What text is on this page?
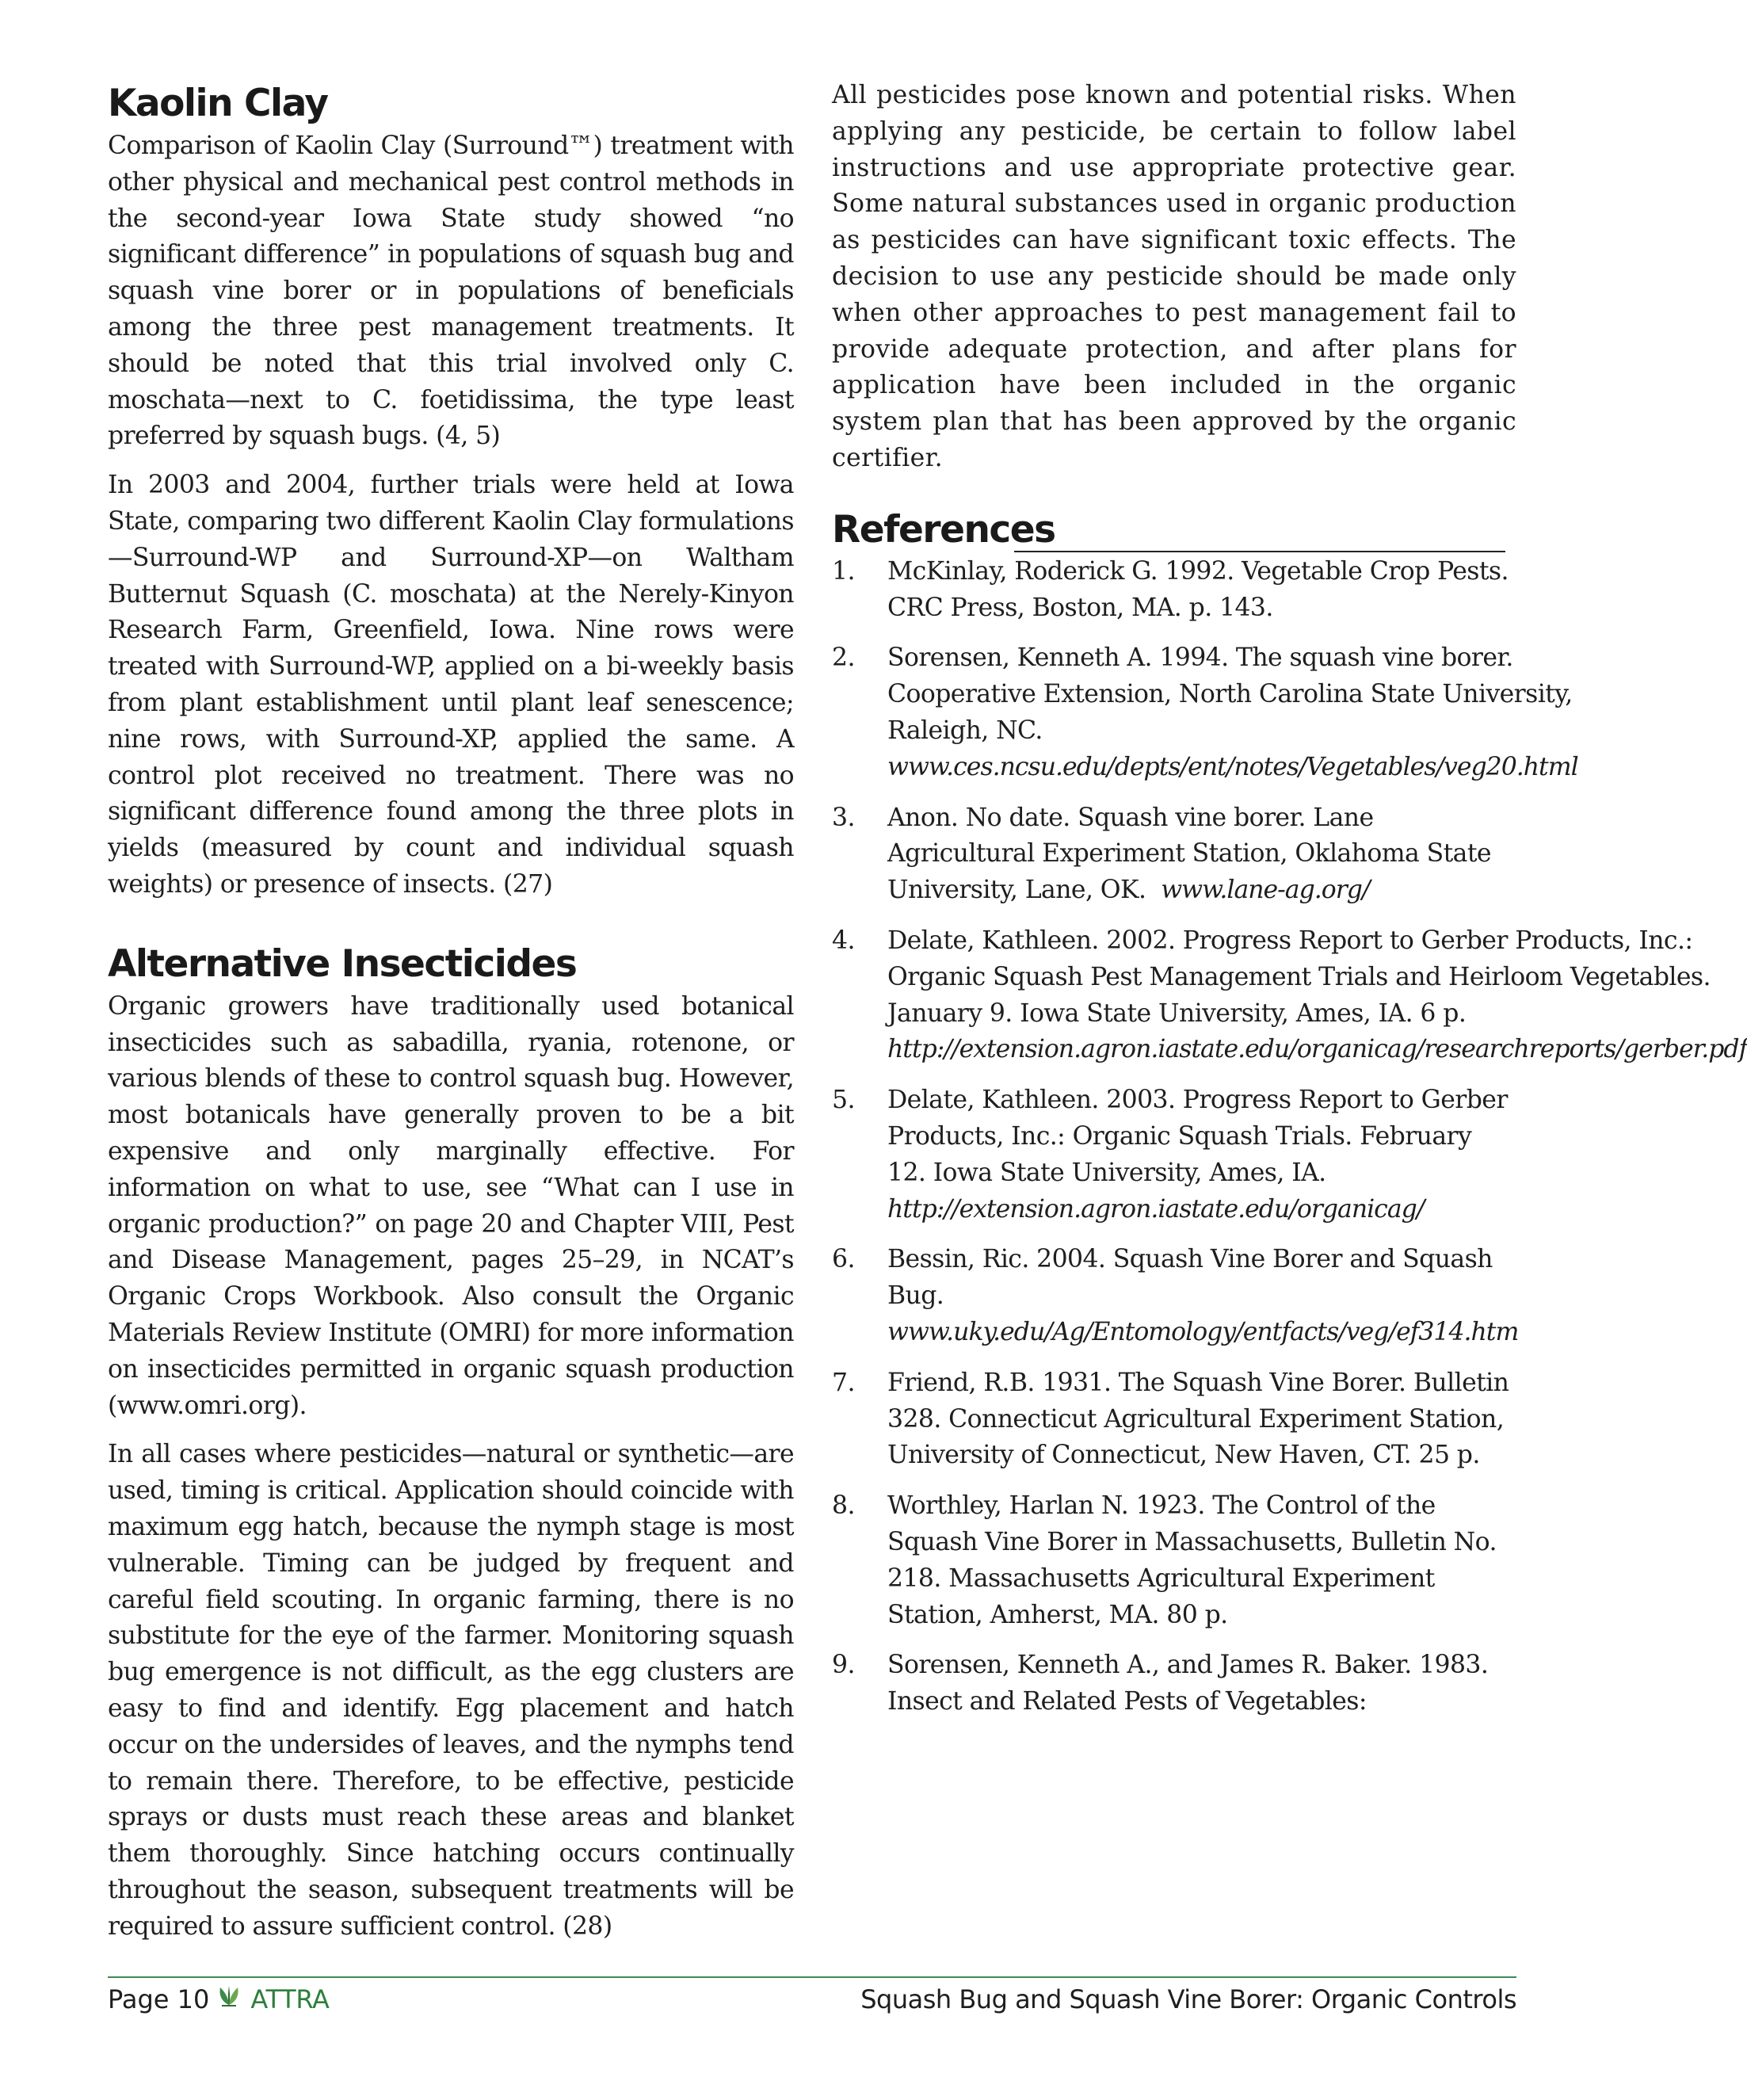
Kaolin Clay

Comparison of Kaolin Clay (Surround™) treatment with other physical and mechanical pest control methods in the second-year Iowa State study showed “no significant difference” in populations of squash bug and squash vine borer or in populations of beneficials among the three pest management treatments. It should be noted that this trial involved only C. moschata—next to C. foetidissima, the type least preferred by squash bugs. (4, 5)

In 2003 and 2004, further trials were held at Iowa State, comparing two different Kaolin Clay formulations—Surround-WP and Surround-XP—on Waltham Butternut Squash (C. moschata) at the Nerely-Kinyon Research Farm, Greenfield, Iowa. Nine rows were treated with Surround-WP, applied on a bi-weekly basis from plant establishment until plant leaf senescence; nine rows, with Surround-XP, applied the same. A control plot received no treatment. There was no significant difference found among the three plots in yields (measured by count and individual squash weights) or presence of insects. (27)

Alternative Insecticides

Organic growers have traditionally used botanical insecticides such as sabadilla, ryania, rotenone, or various blends of these to control squash bug. However, most botanicals have generally proven to be a bit expensive and only marginally effective. For information on what to use, see “What can I use in organic production?” on page 20 and Chapter VIII, Pest and Disease Management, pages 25–29, in NCAT’s Organic Crops Workbook. Also consult the Organic Materials Review Institute (OMRI) for more information on insecticides permitted in organic squash production (www.omri.org).

In all cases where pesticides—natural or synthetic—are used, timing is critical. Application should coincide with maximum egg hatch, because the nymph stage is most vulnerable. Timing can be judged by frequent and careful field scouting. In organic farming, there is no substitute for the eye of the farmer. Monitoring squash bug emergence is not difficult, as the egg clusters are easy to find and identify. Egg placement and hatch occur on the undersides of leaves, and the nymphs tend to remain there. Therefore, to be effective, pesticide sprays or dusts must reach these areas and blanket them thoroughly. Since hatching occurs continually throughout the season, subsequent treatments will be required to assure sufficient control. (28)

All pesticides pose known and potential risks. When applying any pesticide, be certain to follow label instructions and use appropriate protective gear. Some natural substances used in organic production as pesticides can have significant toxic effects. The decision to use any pesticide should be made only when other approaches to pest management fail to provide adequate protection, and after plans for application have been included in the organic system plan that has been approved by the organic certifier.

References
1.	McKinlay, Roderick G. 1992. Vegetable Crop Pests. CRC Press, Boston, MA. p. 143.
2.	Sorensen, Kenneth A. 1994. The squash vine borer. Cooperative Extension, North Carolina State University, Raleigh, NC.
www.ces.ncsu.edu/depts/ent/notes/Vegetables/veg20.html
3.	Anon. No date. Squash vine borer. Lane Agricultural Experiment Station, Oklahoma State University, Lane, OK. www.lane-ag.org/
4.	Delate, Kathleen. 2002. Progress Report to Gerber Products, Inc.: Organic Squash Pest Management Trials and Heirloom Vegetables. January 9. Iowa State University, Ames, IA. 6 p.
http://extension.agron.iastate.edu/organicag/researchreports/gerber.pdf
5.	Delate, Kathleen. 2003. Progress Report to Gerber Products, Inc.: Organic Squash Trials. February 12. Iowa State University, Ames, IA.
http://extension.agron.iastate.edu/organicag/
6.	Bessin, Ric. 2004. Squash Vine Borer and Squash Bug.  www.uky.edu/Ag/Entomology/entfacts/veg/ef314.htm
7.	Friend, R.B. 1931. The Squash Vine Borer. Bulletin 328. Connecticut Agricultural Experiment Station, University of Connecticut, New Haven, CT. 25 p.
8.	Worthley, Harlan N. 1923. The Control of the Squash Vine Borer in Massachusetts, Bulletin No. 218. Massachusetts Agricultural Experiment Station, Amherst, MA. 80 p.
9.	Sorensen, Kenneth A., and James R. Baker. 1983. Insect and Related Pests of Vegetables:
Page 10 ATTRA	Squash Bug and Squash Vine Borer: Organic Controls
